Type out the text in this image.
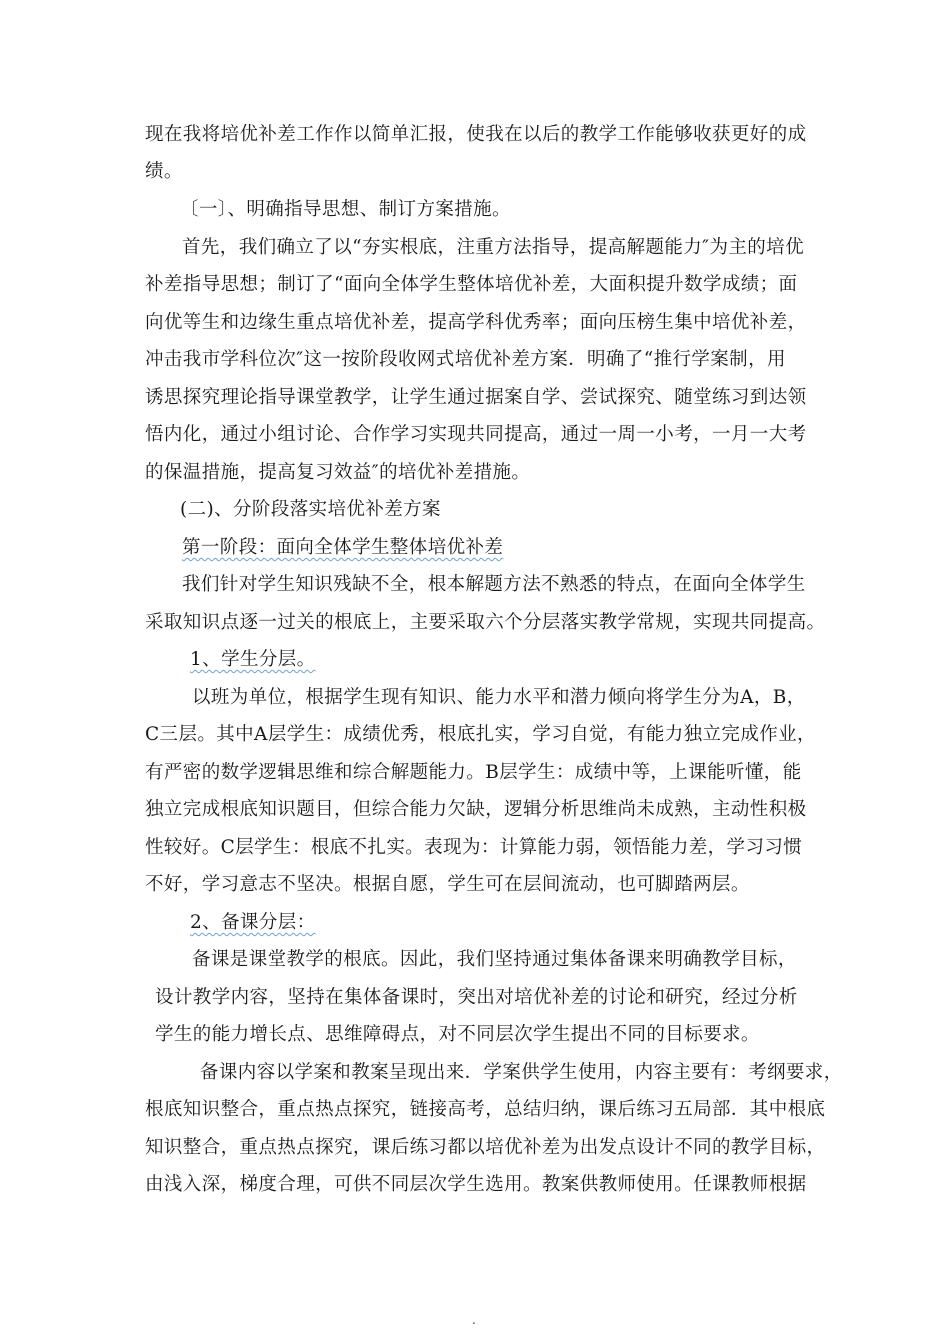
现在我将培优补差工作作以简单汇报，使我在以后的教学工作能够收获更好的成
绩。
〔一〕、明确指导思想、制订方案措施。
首先，我们确立了以“夯实根底，注重方法指导，提高解题能力″为主的培优
补差指导思想；制订了“面向全体学生整体培优补差，大面积提升数学成绩；面
向优等生和边缘生重点培优补差，提高学科优秀率；面向压榜生集中培优补差，
冲击我市学科位次″这一按阶段收网式培优补差方案．明确了“推行学案制，用
诱思探究理论指导课堂教学，让学生通过据案自学、尝试探究、随堂练习到达领
悟内化，通过小组讨论、合作学习实现共同提高，通过一周一小考，一月一大考
的保温措施，提高复习效益″的培优补差措施。
(二)、分阶段落实培优补差方案
第一阶段：面向全体学生整体培优补差
我们针对学生知识残缺不全，根本解题方法不熟悉的特点，在面向全体学生
采取知识点逐一过关的根底上，主要采取六个分层落实教学常规，实现共同提高。
1、学生分层。
以班为单位，根据学生现有知识、能力水平和潜力倾向将学生分为A，B，
C三层。其中A层学生：成绩优秀，根底扎实，学习自觉，有能力独立完成作业，
有严密的数学逻辑思维和综合解题能力。B层学生：成绩中等，上课能听懂，能
独立完成根底知识题目，但综合能力欠缺，逻辑分析思维尚未成熟，主动性积极
性较好。C层学生：根底不扎实。表现为：计算能力弱，领悟能力差，学习习惯
不好，学习意志不坚决。根据自愿，学生可在层间流动，也可脚踏两层。
2、备课分层：
备课是课堂教学的根底。因此，我们坚持通过集体备课来明确教学目标，
设计教学内容，坚持在集体备课时，突出对培优补差的讨论和研究，经过分析
学生的能力增长点、思维障碍点，对不同层次学生提出不同的目标要求。
备课内容以学案和教案呈现出来．学案供学生使用，内容主要有：考纲要求，
根底知识整合，重点热点探究，链接高考，总结归纳，课后练习五局部．其中根底
知识整合，重点热点探究，课后练习都以培优补差为出发点设计不同的教学目标，
由浅入深，梯度合理，可供不同层次学生选用。教案供教师使用。任课教师根据
.
